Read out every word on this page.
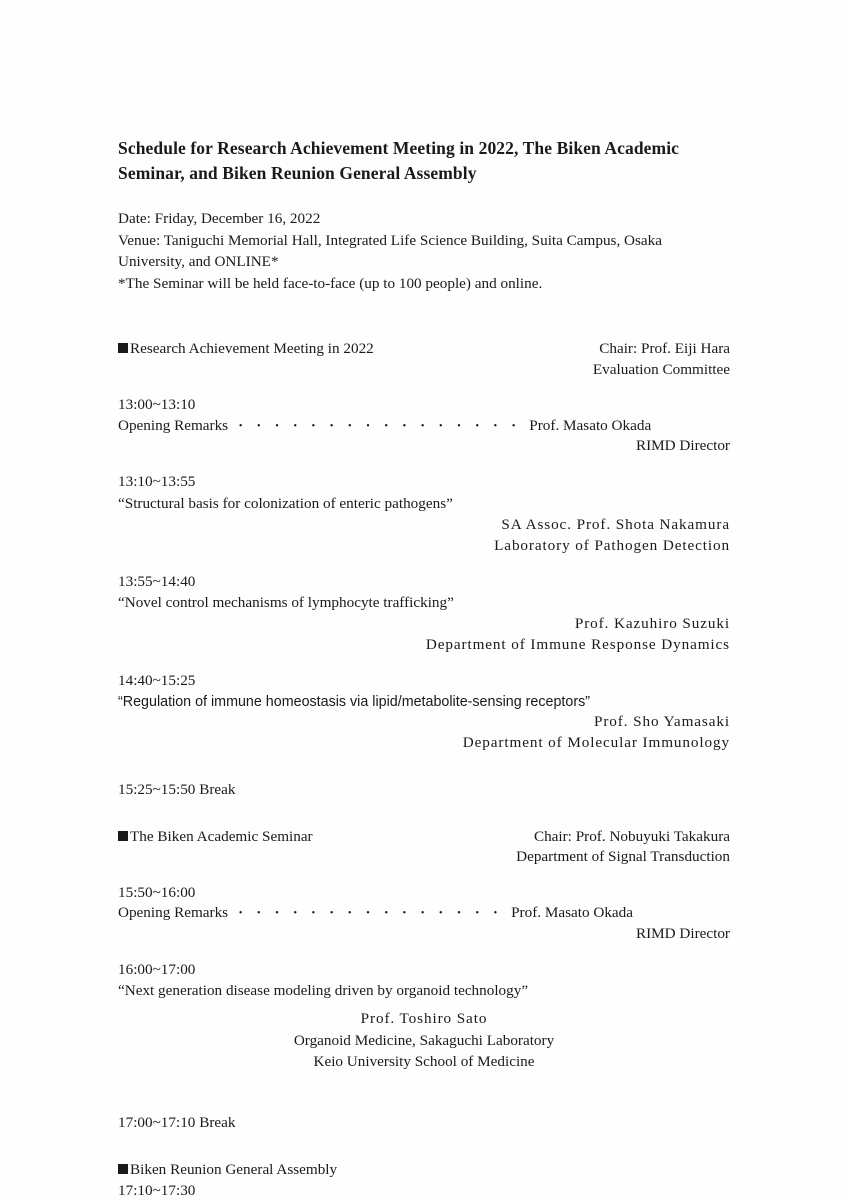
Schedule for Research Achievement Meeting in 2022, The Biken Academic Seminar, and Biken Reunion General Assembly
Date: Friday, December 16, 2022
Venue: Taniguchi Memorial Hall, Integrated Life Science Building, Suita Campus, Osaka
University, and ONLINE*
*The Seminar will be held face-to-face (up to 100 people) and online.
Research Achievement Meeting in 2022	Chair: Prof. Eiji Hara
Evaluation Committee
13:00~13:10
Opening Remarks ・・・・・・・・・・・・・・・・ Prof. Masato Okada
RIMD Director
13:10~13:55
“Structural basis for colonization of enteric pathogens”
SA Assoc. Prof. Shota Nakamura
Laboratory of Pathogen Detection
13:55~14:40
“Novel control mechanisms of lymphocyte trafficking”
Prof. Kazuhiro Suzuki
Department of Immune Response Dynamics
14:40~15:25
“Regulation of immune homeostasis via lipid/metabolite-sensing receptors”
Prof. Sho Yamasaki
Department of Molecular Immunology
15:25~15:50 Break
The Biken Academic Seminar	Chair: Prof. Nobuyuki Takakura
Department of Signal Transduction
15:50~16:00
Opening Remarks ・・・・・・・・・・・・・・・ Prof. Masato Okada
RIMD Director
16:00~17:00
“Next generation disease modeling driven by organoid technology”
Prof. Toshiro Sato
Organoid Medicine, Sakaguchi Laboratory
Keio University School of Medicine
17:00~17:10 Break
Biken Reunion General Assembly
17:10~17:30
